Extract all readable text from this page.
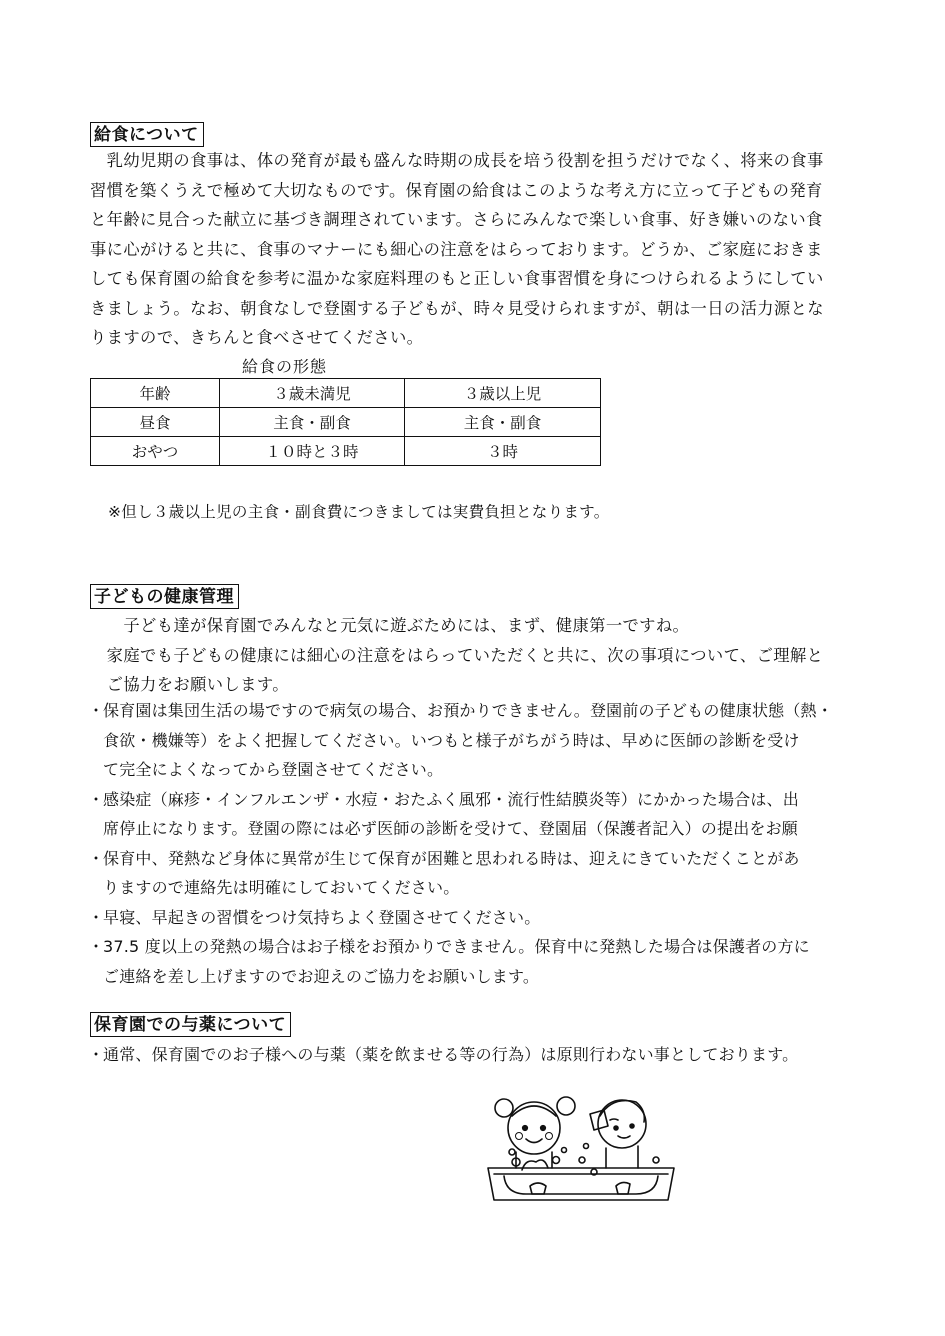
給食について
　乳幼児期の食事は、体の発育が最も盛んな時期の成長を培う役割を担うだけでなく、将来の食事
習慣を築くうえで極めて大切なものです。保育園の給食はこのような考え方に立って子どもの発育
と年齢に見合った献立に基づき調理されています。さらにみんなで楽しい食事、好き嫌いのない食
事に心がけると共に、食事のマナーにも細心の注意をはらっております。どうか、ご家庭におきま
しても保育園の給食を参考に温かな家庭料理のもと正しい食事習慣を身につけられるようにしてい
きましょう。なお、朝食なしで登園する子どもが、時々見受けられますが、朝は一日の活力源とな
りますので、きちんと食べさせてください。
給食の形態
年齢	３歳未満児	３歳以上児
昼食	主食・副食	主食・副食
おやつ	１０時と３時	３時
※但し３歳以上児の主食・副食費につきましては実費負担となります。
子どもの健康管理
　　子ども達が保育園でみんなと元気に遊ぶためには、まず、健康第一ですね。
　家庭でも子どもの健康には細心の注意をはらっていただくと共に、次の事項について、ご理解と
　ご協力をお願いします。
・
保育園は集団生活の場ですので病気の場合、お預かりできません。登園前の子どもの健康状態（熱・
食欲・機嫌等）をよく把握してください。いつもと様子がちがう時は、早めに医師の診断を受け
て完全によくなってから登園させてください。
・
感染症（麻疹・インフルエンザ・水痘・おたふく風邪・流行性結膜炎等）にかかった場合は、出
席停止になります。登園の際には必ず医師の診断を受けて、登園届（保護者記入）の提出をお願
・
保育中、発熱など身体に異常が生じて保育が困難と思われる時は、迎えにきていただくことがあ
りますので連絡先は明確にしておいてください。
・
早寝、早起きの習慣をつけ気持ちよく登園させてください。
・
37.5 度以上の発熱の場合はお子様をお預かりできません。保育中に発熱した場合は保護者の方に
ご連絡を差し上げますのでお迎えのご協力をお願いします。
保育園での与薬について
・
通常、保育園でのお子様への与薬（薬を飲ませる等の行為）は原則行わない事としております。
